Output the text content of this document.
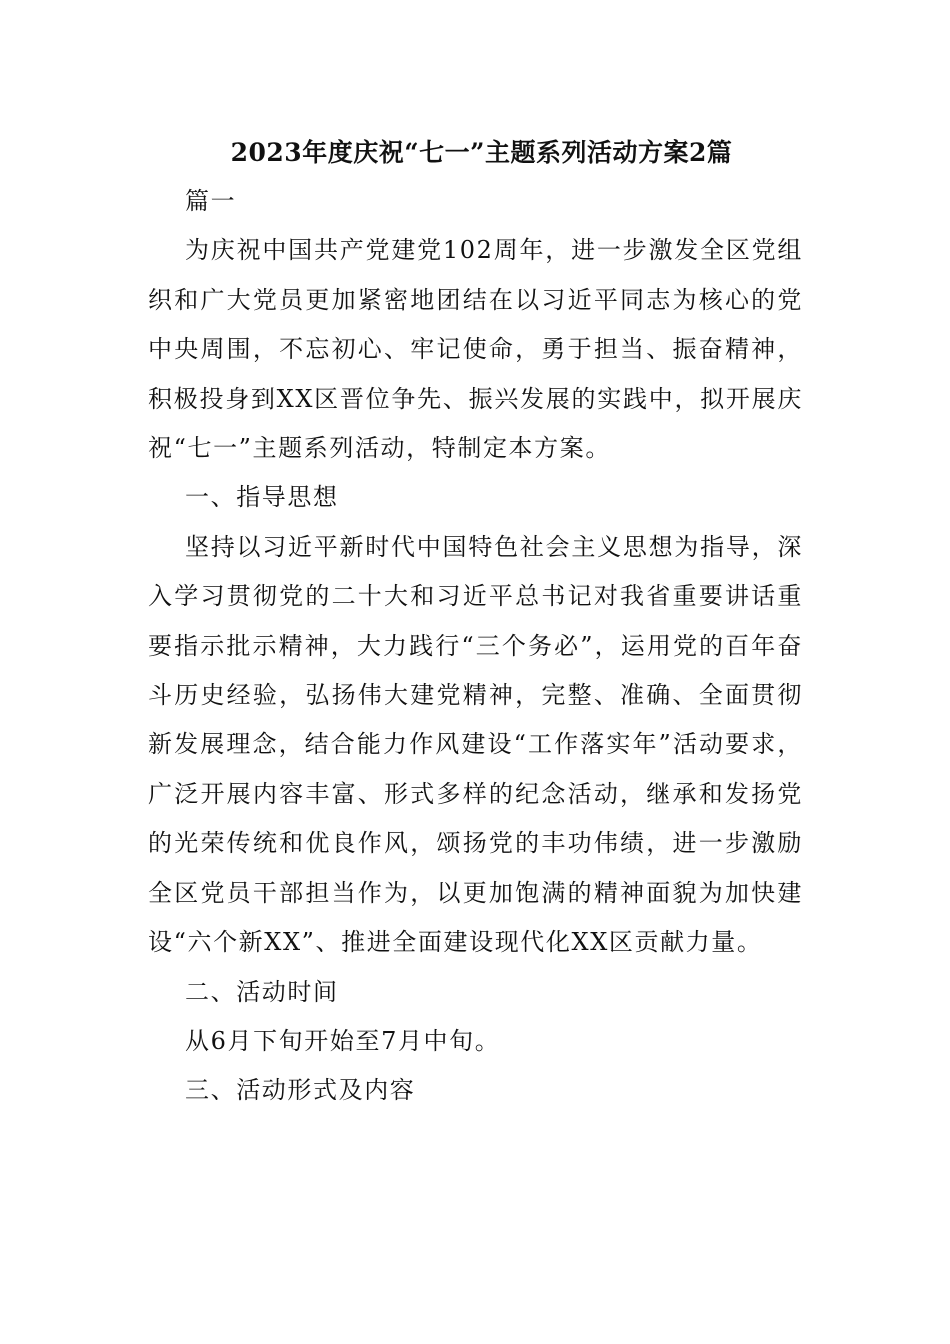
2023年度庆祝“七一”主题系列活动方案2篇

篇一

为庆祝中国共产党建党102周年，进一步激发全区党组织和广大党员更加紧密地团结在以习近平同志为核心的党中央周围，不忘初心、牢记使命，勇于担当、振奋精神，积极投身到XX区晋位争先、振兴发展的实践中，拟开展庆祝“七一”主题系列活动，特制定本方案。

一、指导思想

坚持以习近平新时代中国特色社会主义思想为指导，深入学习贯彻党的二十大和习近平总书记对我省重要讲话重要指示批示精神，大力践行“三个务必”，运用党的百年奋斗历史经验，弘扬伟大建党精神，完整、准确、全面贯彻新发展理念，结合能力作风建设“工作落实年”活动要求，广泛开展内容丰富、形式多样的纪念活动，继承和发扬党的光荣传统和优良作风，颂扬党的丰功伟绩，进一步激励全区党员干部担当作为，以更加饱满的精神面貌为加快建设“六个新XX”、推进全面建设现代化XX区贡献力量。

二、活动时间

从6月下旬开始至7月中旬。

三、活动形式及内容
